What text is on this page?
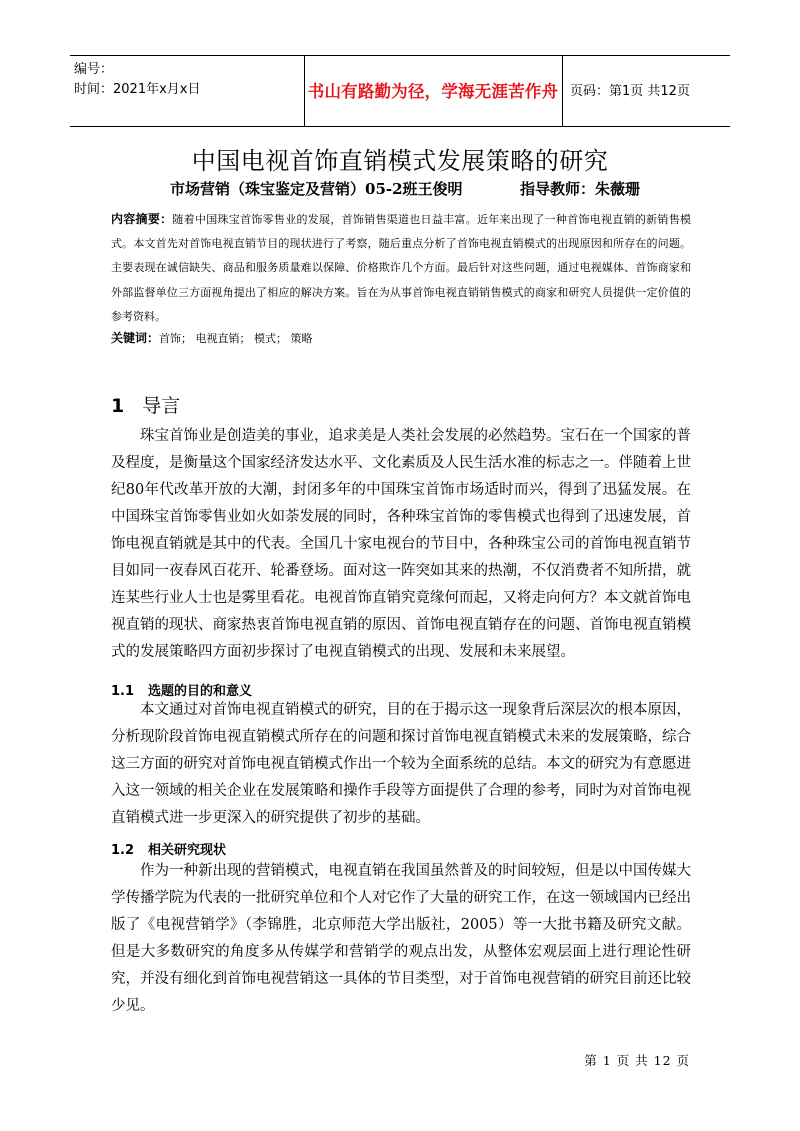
编号：
时间：2021年x月x日	书山有路勤为径，学海无涯苦作舟 页码：第1页 共12页
中国电视首饰直销模式发展策略的研究
市场营销（珠宝鉴定及营销）05-2班王俊明	指导教师：朱薇珊
内容摘要：随着中国珠宝首饰零售业的发展，首饰销售渠道也日益丰富。近年来出现了一种首饰电视直销的新销售模式。本文首先对首饰电视直销节目的现状进行了考察，随后重点分析了首饰电视直销模式的出现原因和所存在的问题。主要表现在诚信缺失、商品和服务质量难以保障、价格欺诈几个方面。最后针对这些问题，通过电视媒体、首饰商家和外部监督单位三方面视角提出了相应的解决方案。旨在为从事首饰电视直销销售模式的商家和研究人员提供一定价值的参考资料。
关键词：首饰 ； 电视直销 ； 模式 ； 策略
1 导言
珠宝首饰业是创造美的事业，追求美是人类社会发展的必然趋势。宝石在一个国家的普及程度，是衡量这个国家经济发达水平、文化素质及人民生活水准的标志之一。伴随着上世纪80年代改革开放的大潮，封闭多年的中国珠宝首饰市场适时而兴，得到了迅猛发展。在中国珠宝首饰零售业如火如荼发展的同时，各种珠宝首饰的零售模式也得到了迅速发展，首饰电视直销就是其中的代表。全国几十家电视台的节目中，各种珠宝公司的首饰电视直销节目如同一夜春风百花开、轮番登场。面对这一阵突如其来的热潮，不仅消费者不知所措，就连某些行业人士也是雾里看花。电视首饰直销究竟缘何而起，又将走向何方？本文就首饰电视直销的现状、商家热衷首饰电视直销的原因、首饰电视直销存在的问题、首饰电视直销模式的发展策略四方面初步探讨了电视直销模式的出现、发展和未来展望。
1.1 选题的目的和意义
本文通过对首饰电视直销模式的研究，目的在于揭示这一现象背后深层次的根本原因，分析现阶段首饰电视直销模式所存在的问题和探讨首饰电视直销模式未来的发展策略，综合这三方面的研究对首饰电视直销模式作出一个较为全面系统的总结。本文的研究为有意愿进入这一领域的相关企业在发展策略和操作手段等方面提供了合理的参考，同时为对首饰电视直销模式进一步更深入的研究提供了初步的基础。
1.2 相关研究现状
作为一种新出现的营销模式，电视直销在我国虽然普及的时间较短，但是以中国传媒大学传播学院为代表的一批研究单位和个人对它作了大量的研究工作，在这一领域国内已经出版了《电视营销学》（李锦胜，北京师范大学出版社，2005）等一大批书籍及研究文献。但是大多数研究的角度多从传媒学和营销学的观点出发，从整体宏观层面上进行理论性研究，并没有细化到首饰电视营销这一具体的节目类型，对于首饰电视营销的研究目前还比较少见。
第 1 页 共 12 页
